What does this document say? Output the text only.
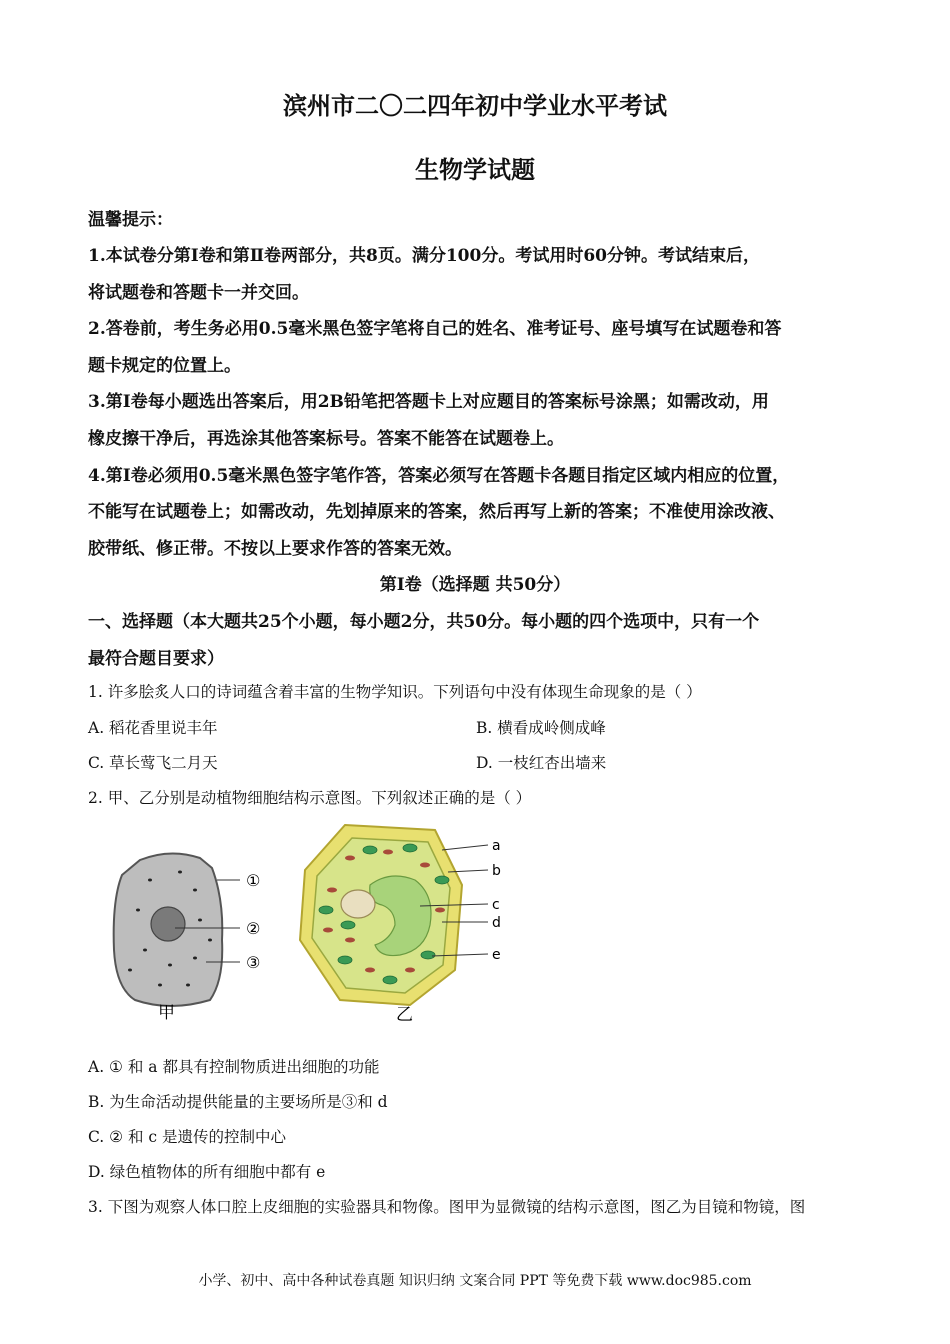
滨州市二〇二四年初中学业水平考试
生物学试题
温馨提示：
1.本试卷分第Ⅰ卷和第Ⅱ卷两部分，共8页。满分100分。考试用时60分钟。考试结束后，
将试题卷和答题卡一并交回。
2.答卷前，考生务必用0.5毫米黑色签字笔将自己的姓名、准考证号、座号填写在试题卷和答
题卡规定的位置上。
3.第Ⅰ卷每小题选出答案后，用2B铅笔把答题卡上对应题目的答案标号涂黑；如需改动，用
橡皮擦干净后，再选涂其他答案标号。答案不能答在试题卷上。
4.第Ⅰ卷必须用0.5毫米黑色签字笔作答，答案必须写在答题卡各题目指定区域内相应的位置，
不能写在试题卷上；如需改动，先划掉原来的答案，然后再写上新的答案；不准使用涂改液、
胶带纸、修正带。不按以上要求作答的答案无效。
第Ⅰ卷（选择题 共50分）
一、选择题（本大题共25个小题，每小题2分，共50分。每小题的四个选项中，只有一个
最符合题目要求）
1. 许多脍炙人口的诗词蕴含着丰富的生物学知识。下列语句中没有体现生命现象的是（ ）
A. 稻花香里说丰年	B. 横看成岭侧成峰
C. 草长莺飞二月天	D. 一枝红杏出墙来
2. 甲、乙分别是动植物细胞结构示意图。下列叙述正确的是（ ）
①
②
③
甲
a
b
c
d
e
乙
A. ① 和 a 都具有控制物质进出细胞的功能
B. 为生命活动提供能量的主要场所是③和 d
C. ② 和 c 是遗传的控制中心
D. 绿色植物体的所有细胞中都有 e
3. 下图为观察人体口腔上皮细胞的实验器具和物像。图甲为显微镜的结构示意图，图乙为目镜和物镜，图
小学、初中、高中各种试卷真题 知识归纳 文案合同 PPT 等免费下载 www.doc985.com
